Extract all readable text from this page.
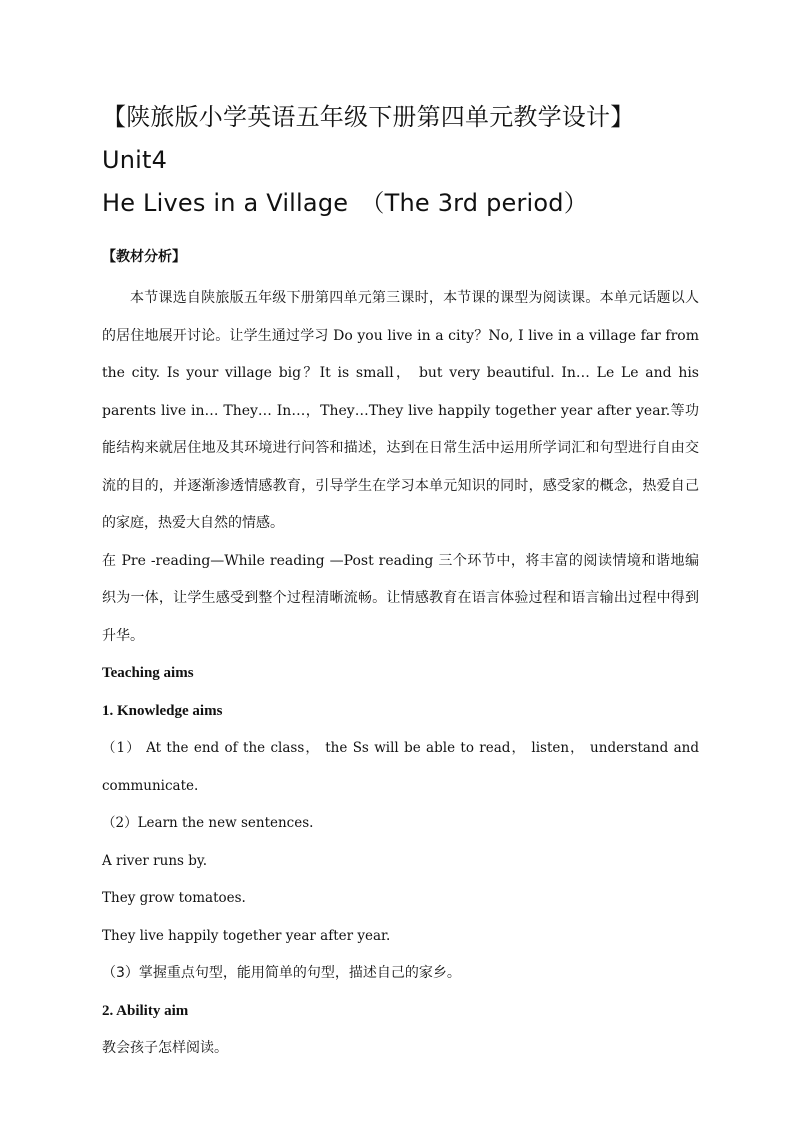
【陕旅版小学英语五年级下册第四单元教学设计】Unit4
He Lives in a Village　（The 3rd period）
【教材分析】

本节课选自陕旅版五年级下册第四单元第三课时，本节课的课型为阅读课。本单元话题以人的居住地展开讨论。让学生通过学习 Do you live in a city？No, I live in a village far from the city. Is your village big？It is small， but very beautiful. In… Le Le and his parents live in… They… In…，They…They live happily together year after year.等功能结构来就居住地及其环境进行问答和描述，达到在日常生活中运用所学词汇和句型进行自由交流的目的，并逐渐渗透情感教育，引导学生在学习本单元知识的同时，感受家的概念，热爱自己的家庭，热爱大自然的情感。

在 Pre -reading—While reading —Post reading 三个环节中，将丰富的阅读情境和谐地编织为一体，让学生感受到整个过程清晰流畅。让情感教育在语言体验过程和语言输出过程中得到升华。

Teaching aims

1. Knowledge aims

（1） At the end of the class， the Ss will be able to read， listen， understand and

communicate.

（2）Learn the new sentences.

A river runs by.

They grow tomatoes.

They live happily together year after year.

（3）掌握重点句型，能用简单的句型，描述自己的家乡。

2. Ability aim

教会孩子怎样阅读。
